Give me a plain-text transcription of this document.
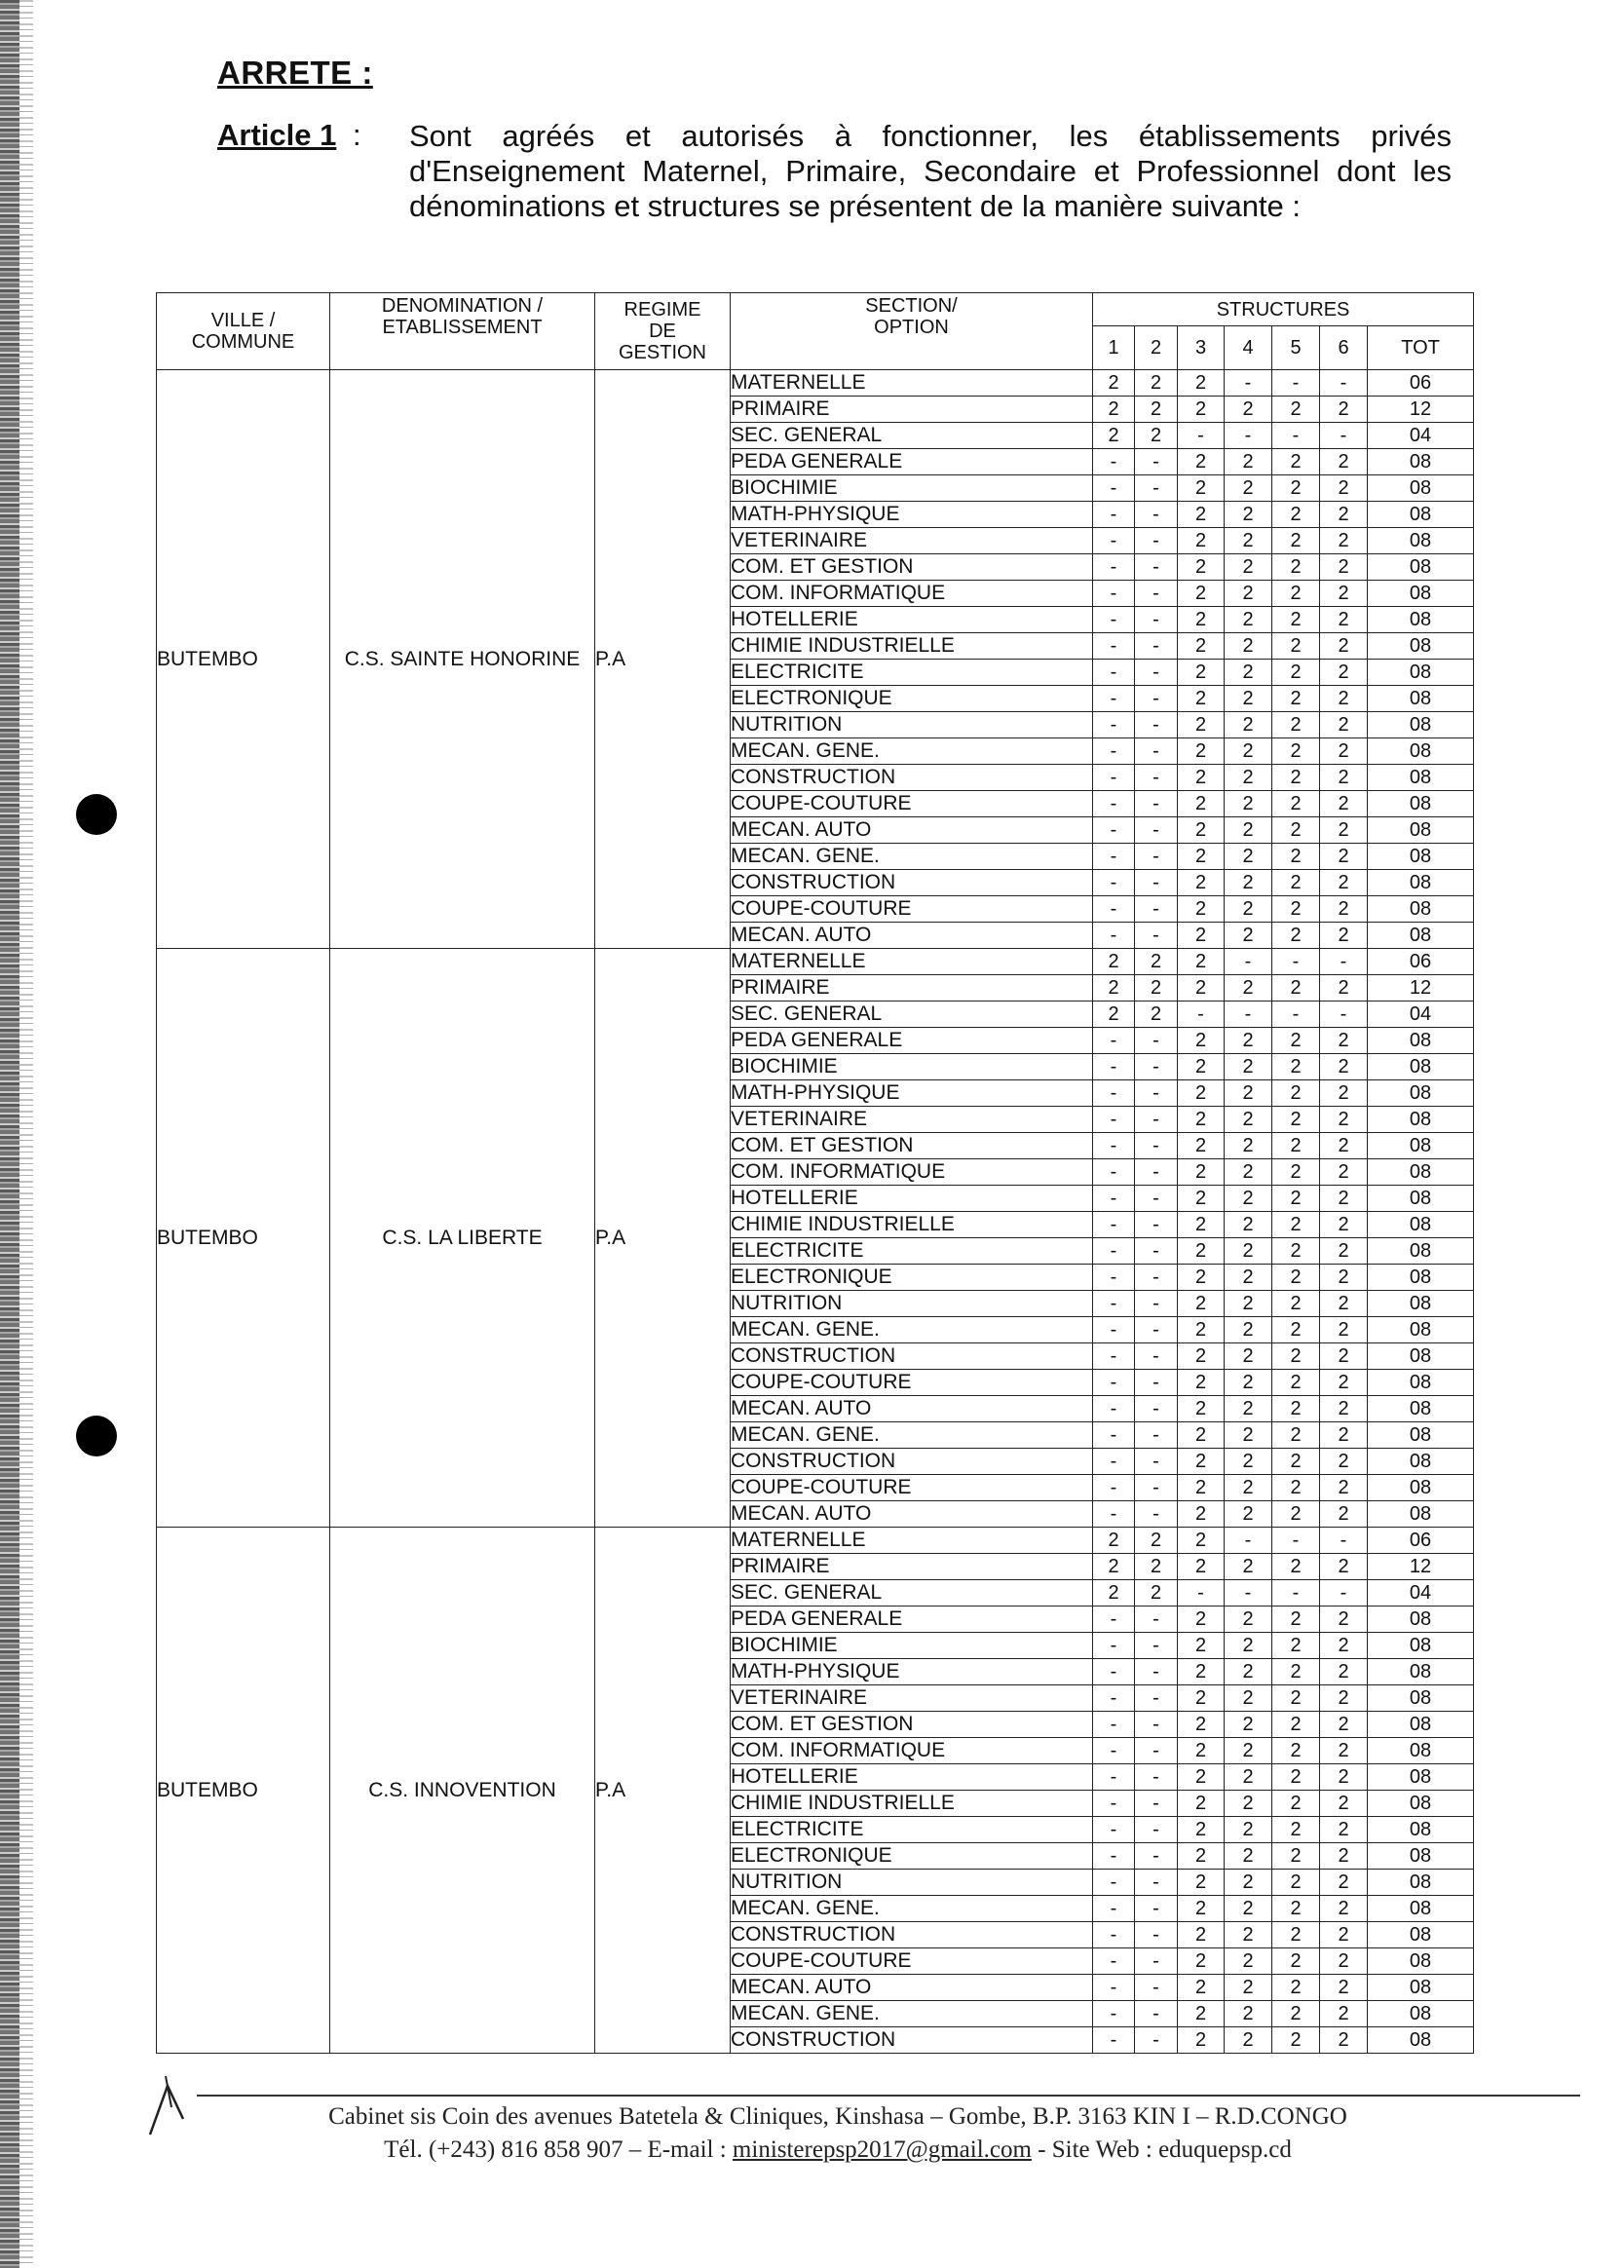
ARRETE :
Article 1 : Sont agréés et autorisés à fonctionner, les établissements privés d'Enseignement Maternel, Primaire, Secondaire et Professionnel dont les dénominations et structures se présentent de la manière suivante :
VILLE / COMMUNE	DENOMINATION / ETABLISSEMENT	REGIME DE GESTION	SECTION/ OPTION	STRUCTURES						
				1	2	3	4	5	6	TOT
BUTEMBO	C.S. SAINTE HONORINE	P.A	MATERNELLE	2	2	2	-	-	-	06
			PRIMAIRE	2	2	2	2	2	2	12
			SEC. GENERAL	2	2	-	-	-	-	04
			PEDA GENERALE	-	-	2	2	2	2	08
			BIOCHIMIE	-	-	2	2	2	2	08
			MATH-PHYSIQUE	-	-	2	2	2	2	08
			VETERINAIRE	-	-	2	2	2	2	08
			COM. ET GESTION	-	-	2	2	2	2	08
			COM. INFORMATIQUE	-	-	2	2	2	2	08
			HOTELLERIE	-	-	2	2	2	2	08
			CHIMIE INDUSTRIELLE	-	-	2	2	2	2	08
			ELECTRICITE	-	-	2	2	2	2	08
			ELECTRONIQUE	-	-	2	2	2	2	08
			NUTRITION	-	-	2	2	2	2	08
			MECAN. GENE.	-	-	2	2	2	2	08
			CONSTRUCTION	-	-	2	2	2	2	08
			COUPE-COUTURE	-	-	2	2	2	2	08
			MECAN. AUTO	-	-	2	2	2	2	08
			MECAN. GENE.	-	-	2	2	2	2	08
			CONSTRUCTION	-	-	2	2	2	2	08
			COUPE-COUTURE	-	-	2	2	2	2	08
			MECAN. AUTO	-	-	2	2	2	2	08
BUTEMBO	C.S. LA LIBERTE	P.A	MATERNELLE	2	2	2	-	-	-	06
			PRIMAIRE	2	2	2	2	2	2	12
			SEC. GENERAL	2	2	-	-	-	-	04
			PEDA GENERALE	-	-	2	2	2	2	08
			BIOCHIMIE	-	-	2	2	2	2	08
			MATH-PHYSIQUE	-	-	2	2	2	2	08
			VETERINAIRE	-	-	2	2	2	2	08
			COM. ET GESTION	-	-	2	2	2	2	08
			COM. INFORMATIQUE	-	-	2	2	2	2	08
			HOTELLERIE	-	-	2	2	2	2	08
			CHIMIE INDUSTRIELLE	-	-	2	2	2	2	08
			ELECTRICITE	-	-	2	2	2	2	08
			ELECTRONIQUE	-	-	2	2	2	2	08
			NUTRITION	-	-	2	2	2	2	08
			MECAN. GENE.	-	-	2	2	2	2	08
			CONSTRUCTION	-	-	2	2	2	2	08
			COUPE-COUTURE	-	-	2	2	2	2	08
			MECAN. AUTO	-	-	2	2	2	2	08
			MECAN. GENE.	-	-	2	2	2	2	08
			CONSTRUCTION	-	-	2	2	2	2	08
			COUPE-COUTURE	-	-	2	2	2	2	08
			MECAN. AUTO	-	-	2	2	2	2	08
BUTEMBO	C.S. INNOVENTION	P.A	MATERNELLE	2	2	2	-	-	-	06
			PRIMAIRE	2	2	2	2	2	2	12
			SEC. GENERAL	2	2	-	-	-	-	04
			PEDA GENERALE	-	-	2	2	2	2	08
			BIOCHIMIE	-	-	2	2	2	2	08
			MATH-PHYSIQUE	-	-	2	2	2	2	08
			VETERINAIRE	-	-	2	2	2	2	08
			COM. ET GESTION	-	-	2	2	2	2	08
			COM. INFORMATIQUE	-	-	2	2	2	2	08
			HOTELLERIE	-	-	2	2	2	2	08
			CHIMIE INDUSTRIELLE	-	-	2	2	2	2	08
			ELECTRICITE	-	-	2	2	2	2	08
			ELECTRONIQUE	-	-	2	2	2	2	08
			NUTRITION	-	-	2	2	2	2	08
			MECAN. GENE.	-	-	2	2	2	2	08
			CONSTRUCTION	-	-	2	2	2	2	08
			COUPE-COUTURE	-	-	2	2	2	2	08
			MECAN. AUTO	-	-	2	2	2	2	08
			MECAN. GENE.	-	-	2	2	2	2	08
			CONSTRUCTION	-	-	2	2	2	2	08
Cabinet sis Coin des avenues Batetela & Cliniques, Kinshasa – Gombe, B.P. 3163 KIN I – R.D.CONGO
Tél. (+243) 816 858 907 – E-mail : ministerepsp2017@gmail.com - Site Web : eduquepsp.cd
